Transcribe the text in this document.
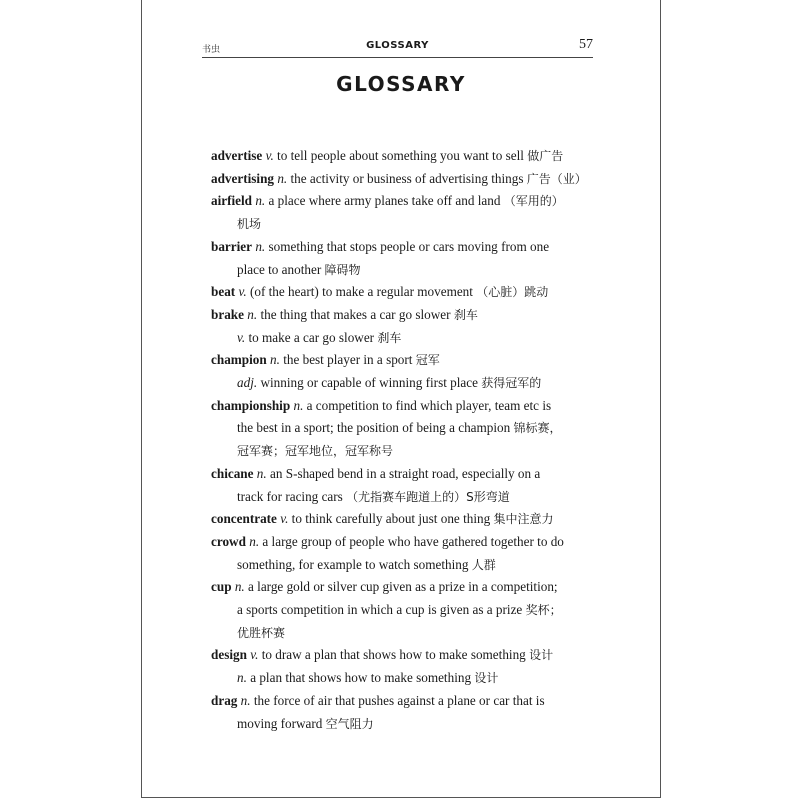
书虫	GLOSSARY	57
GLOSSARY
advertise v. to tell people about something you want to sell 做广告
advertising n. the activity or business of advertising things 广告（业）
airfield n. a place where army planes take off and land （军用的）
机场
barrier n. something that stops people or cars moving from one
place to another 障碍物
beat v. (of the heart) to make a regular movement （心脏）跳动
brake n. the thing that makes a car go slower 刹车
v. to make a car go slower 刹车
champion n. the best player in a sport 冠军
adj. winning or capable of winning first place 获得冠军的
championship n. a competition to find which player, team etc is
the best in a sport; the position of being a champion 锦标赛，
冠军赛；冠军地位，冠军称号
chicane n. an S-shaped bend in a straight road, especially on a
track for racing cars （尤指赛车跑道上的）S形弯道
concentrate v. to think carefully about just one thing 集中注意力
crowd n. a large group of people who have gathered together to do
something, for example to watch something 人群
cup n. a large gold or silver cup given as a prize in a competition;
a sports competition in which a cup is given as a prize 奖杯；
优胜杯赛
design v. to draw a plan that shows how to make something 设计
n. a plan that shows how to make something 设计
drag n. the force of air that pushes against a plane or car that is
moving forward 空气阻力
